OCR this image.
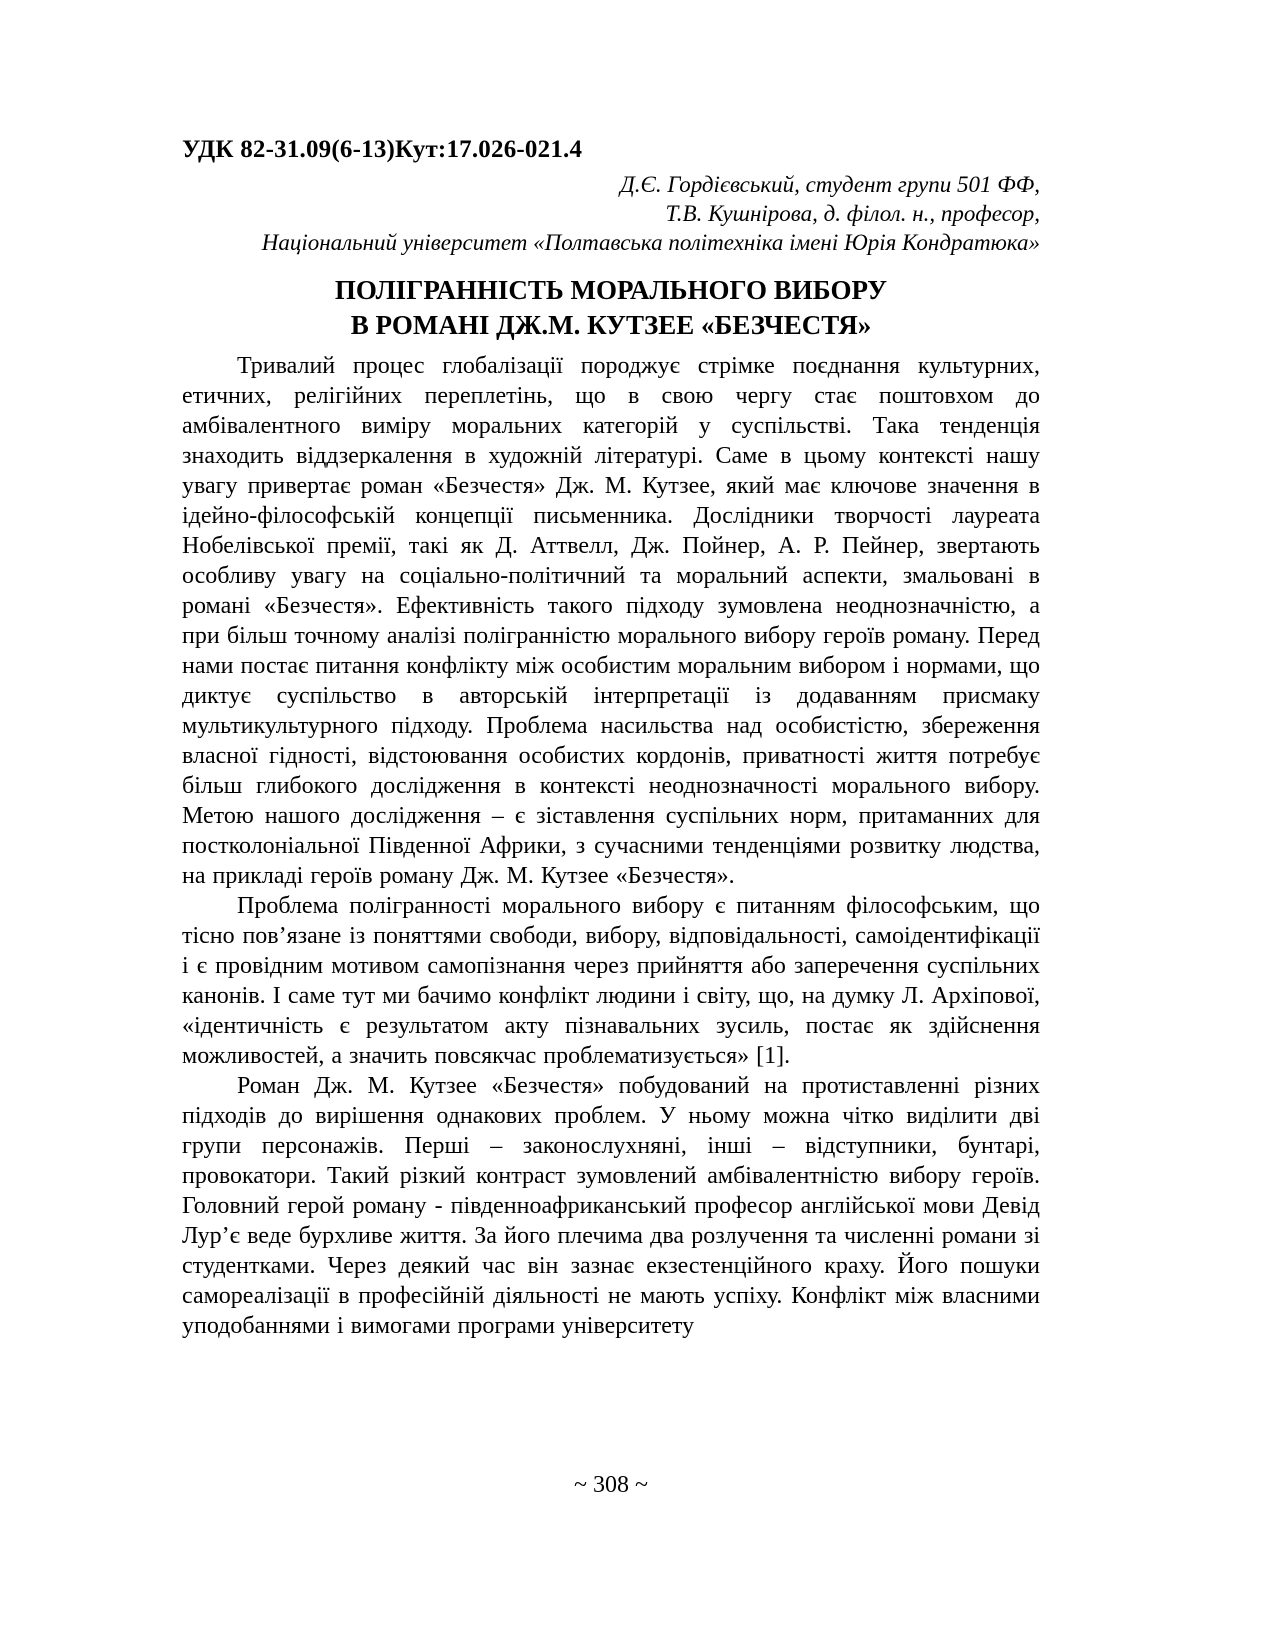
УДК 82-31.09(6-13)Кут:17.026-021.4

Д.Є. Гордієвський, студент групи 501 ФФ,

Т.В. Кушнірова, д. філол. н., професор,

Національний університет «Полтавська політехніка імені Юрія Кондратюка»

ПОЛІГРАННІСТЬ МОРАЛЬНОГО ВИБОРУ
В РОМАНІ ДЖ.М. КУТЗЕЕ «БЕЗЧЕСТЯ»

Тривалий процес глобалізації породжує стрімке поєднання культурних, етичних, релігійних переплетінь, що в свою чергу стає поштовхом до амбівалентного виміру моральних категорій у суспільстві. Така тенденція знаходить віддзеркалення в художній літературі. Саме в цьому контексті нашу увагу привертає роман «Безчестя» Дж. М. Кутзее, який має ключове значення в ідейно-філософській концепції письменника. Дослідники творчості лауреата Нобелівської премії, такі як Д. Аттвелл, Дж. Пойнер, А. Р. Пейнер, звертають особливу увагу на соціально-політичний та моральний аспекти, змальовані в романі «Безчестя». Ефективність такого підходу зумовлена неоднозначністю, а при більш точному аналізі полігранністю морального вибору героїв роману. Перед нами постає питання конфлікту між особистим моральним вибором і нормами, що диктує суспільство в авторській інтерпретації із додаванням присмаку мультикультурного підходу. Проблема насильства над особистістю, збереження власної гідності, відстоювання особистих кордонів, приватності життя потребує більш глибокого дослідження в контексті неоднозначності морального вибору. Метою нашого дослідження – є зіставлення суспільних норм, притаманних для постколоніальної Південної Африки, з сучасними тенденціями розвитку людства, на прикладі героїв роману Дж. М. Кутзее «Безчестя».

Проблема полігранності морального вибору є питанням філософським, що тісно пов’язане із поняттями свободи, вибору, відповідальності, самоідентифікації і є провідним мотивом самопізнання через прийняття або заперечення суспільних канонів. І саме тут ми бачимо конфлікт людини і світу, що, на думку Л. Архіпової, «ідентичність є результатом акту пізнавальних зусиль, постає як здійснення можливостей, а значить повсякчас проблематизується» [1].

Роман Дж. М. Кутзее «Безчестя» побудований на протиставленні різних підходів до вирішення однакових проблем. У ньому можна чітко виділити дві групи персонажів. Перші – законослухняні, інші – відступники, бунтарі, провокатори. Такий різкий контраст зумовлений амбівалентністю вибору героїв. Головний герой роману - південноафриканський професор англійської мови Девід Лур’є веде бурхливе життя. За його плечима два розлучення та численні романи зі студентками. Через деякий час він зазнає екзестенційного краху. Його пошуки самореалізації в професійній діяльності не мають успіху. Конфлікт між власними уподобаннями і вимогами програми університету

~ 308 ~
